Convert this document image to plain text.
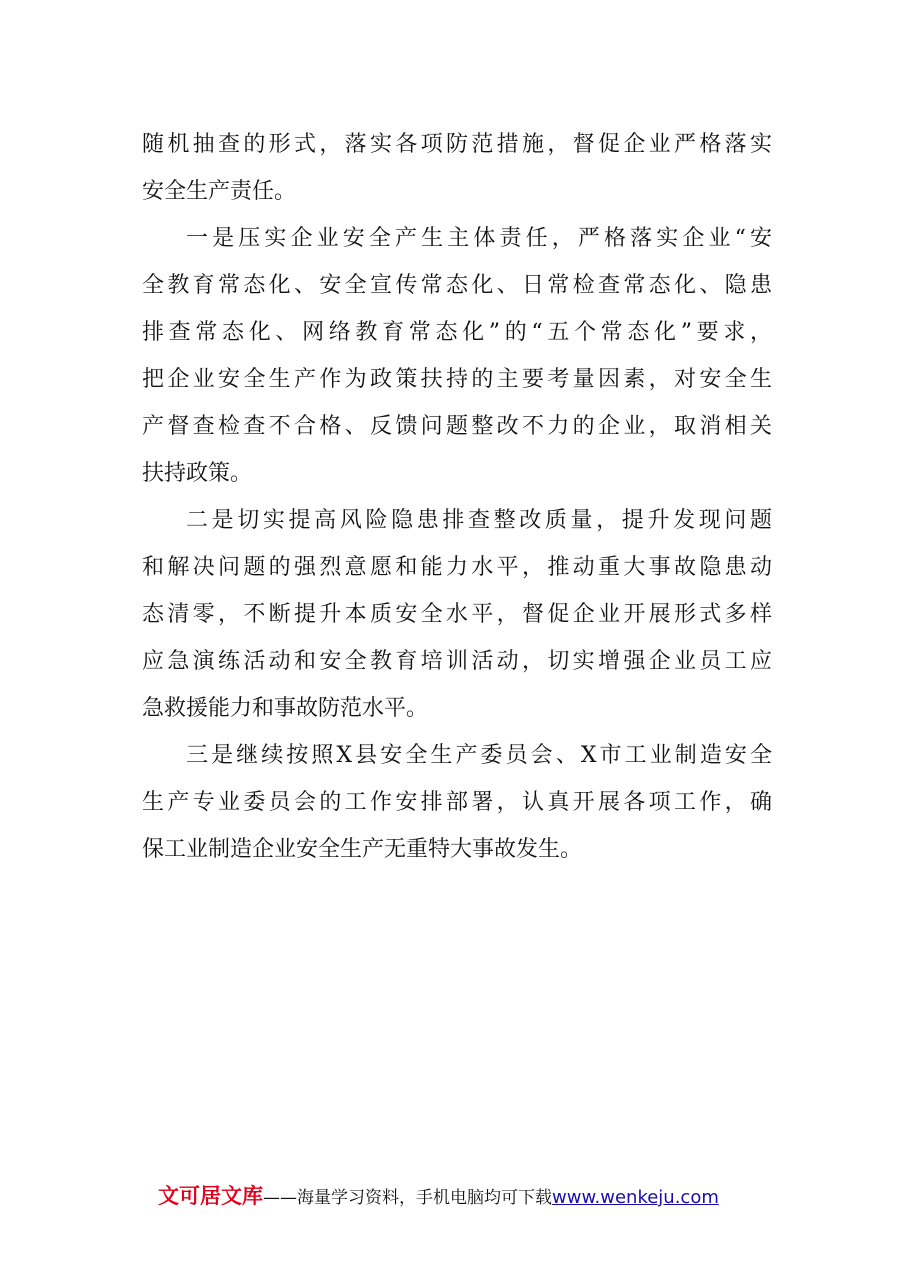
随机抽查的形式，落实各项防范措施，督促企业严格落实
安全生产责任。
一是压实企业安全产生主体责任，严格落实企业“安
全教育常态化、安全宣传常态化、日常检查常态化、隐患
排查常态化、网络教育常态化”的“五个常态化”要求，
把企业安全生产作为政策扶持的主要考量因素，对安全生
产督查检查不合格、反馈问题整改不力的企业，取消相关
扶持政策。
二是切实提高风险隐患排查整改质量，提升发现问题
和解决问题的强烈意愿和能力水平，推动重大事故隐患动
态清零，不断提升本质安全水平，督促企业开展形式多样
应急演练活动和安全教育培训活动，切实增强企业员工应
急救援能力和事故防范水平。
三是继续按照X县安全生产委员会、X市工业制造安全
生产专业委员会的工作安排部署，认真开展各项工作，确
保工业制造企业安全生产无重特大事故发生。
文可居文库——海量学习资料，手机电脑均可下载www.wenkeju.com
